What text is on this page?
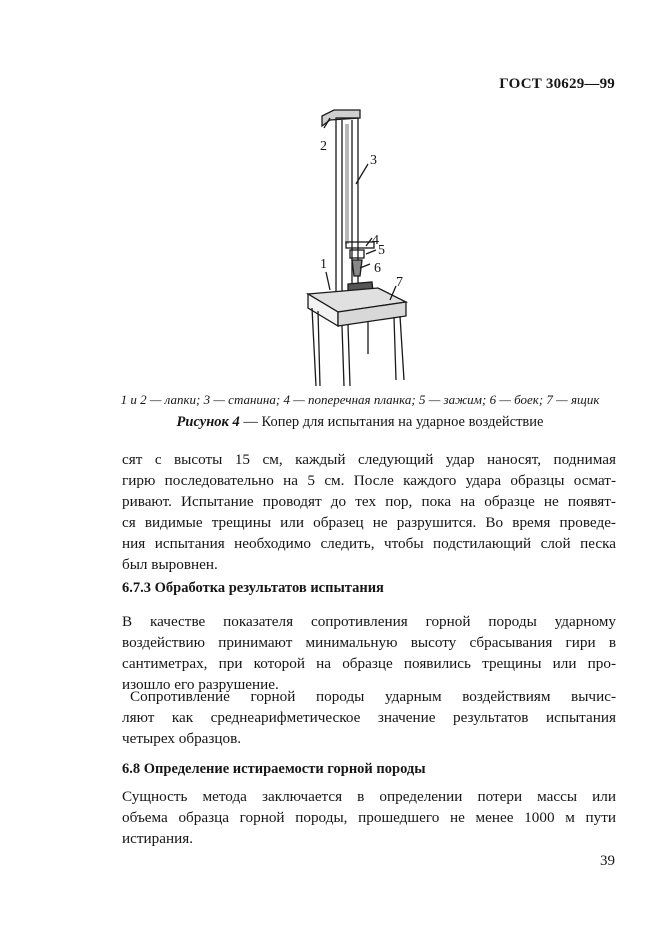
ГОСТ 30629—99
2
3
4
5
6
1
7
1 и 2 — лапки; 3 — станина; 4 — поперечная планка; 5 — зажим; 6 — боек; 7 — ящик
Рисунок 4 — Копер для испытания на ударное воздействие
сят с высоты 15 см, каждый следующий удар наносят, поднимая
гирю последовательно на 5 см. После каждого удара образцы осмат-
ривают. Испытание проводят до тех пор, пока на образце не появят-
ся видимые трещины или образец не разрушится. Во время проведе-
ния испытания необходимо следить, чтобы подстилающий слой песка
был выровнен.
6.7.3 Обработка результатов испытания
В качестве показателя сопротивления горной породы ударному
воздействию принимают минимальную высоту сбрасывания гири в
сантиметрах, при которой на образце появились трещины или про-
изошло его разрушение.
Сопротивление горной породы ударным воздействиям вычис-
ляют как среднеарифметическое значение результатов испытания
четырех образцов.
6.8 Определение истираемости горной породы
Сущность метода заключается в определении потери массы или
объема образца горной породы, прошедшего не менее 1000 м пути
истирания.
39
